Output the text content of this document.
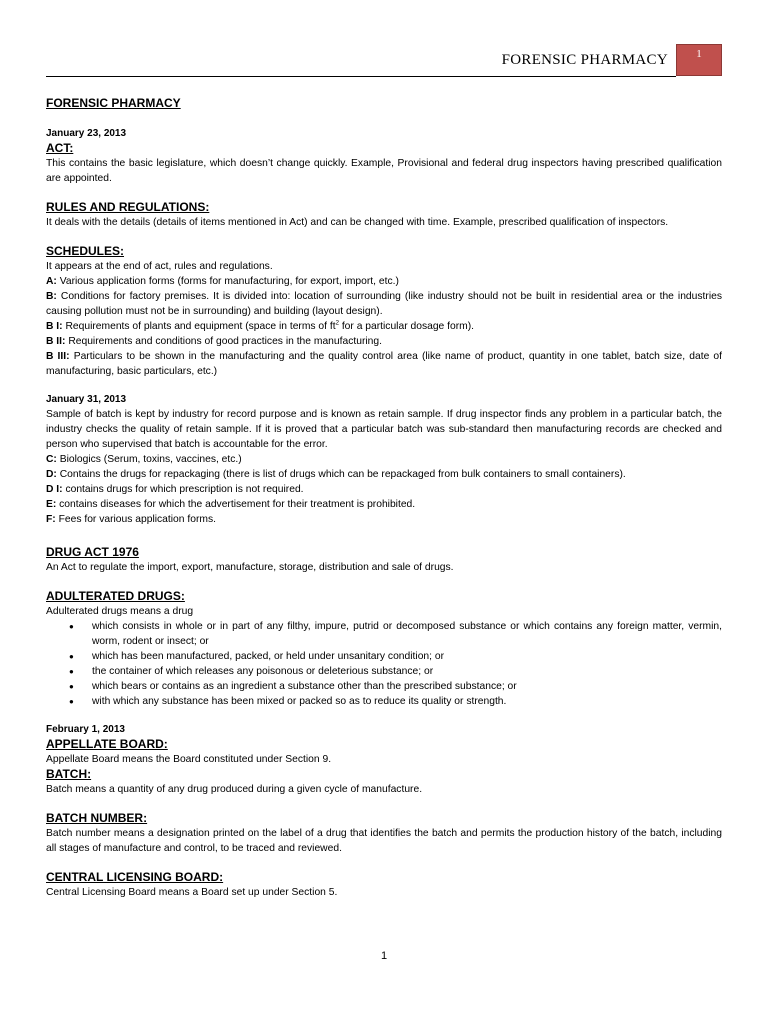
FORENSIC PHARMACY	1
FORENSIC PHARMACY
January 23, 2013
ACT:

This contains the basic legislature, which doesn’t change quickly. Example, Provisional and federal drug inspectors having prescribed qualification are appointed.

RULES AND REGULATIONS:

It deals with the details (details of items mentioned in Act) and can be changed with time. Example, prescribed qualification of inspectors.

SCHEDULES:

It appears at the end of act, rules and regulations.

A: Various application forms (forms for manufacturing, for export, import, etc.)

B: Conditions for factory premises. It is divided into: location of surrounding (like industry should not be built in residential area or the industries causing pollution must not be in surrounding) and building (layout design).

B I: Requirements of plants and equipment (space in terms of $ft^2$ for a particular dosage form).

B II: Requirements and conditions of good practices in the manufacturing.

B III: Particulars to be shown in the manufacturing and the quality control area (like name of product, quantity in one tablet, batch size, date of manufacturing, basic particulars, etc.)

January 31, 2013

Sample of batch is kept by industry for record purpose and is known as retain sample. If drug inspector finds any problem in a particular batch, the industry checks the quality of retain sample. If it is proved that a particular batch was sub-standard then manufacturing records are checked and person who supervised that batch is accountable for the error.

C: Biologics (Serum, toxins, vaccines, etc.)

D: Contains the drugs for repackaging (there is list of drugs which can be repackaged from bulk containers to small containers).

D I: contains drugs for which prescription is not required.

E: contains diseases for which the advertisement for their treatment is prohibited.

F: Fees for various application forms.

DRUG ACT 1976

An Act to regulate the import, export, manufacture, storage, distribution and sale of drugs.

ADULTERATED DRUGS:

Adulterated drugs means a drug

● which consists in whole or in part of any filthy, impure, putrid or decomposed substance or which contains any foreign matter, vermin, worm, rodent or insect; or
● which has been manufactured, packed, or held under unsanitary condition; or
● the container of which releases any poisonous or deleterious substance; or
● which bears or contains as an ingredient a substance other than the prescribed substance; or
● with which any substance has been mixed or packed so as to reduce its quality or strength.
February 1, 2013
APPELLATE BOARD:

Appellate Board means the Board constituted under Section 9.

BATCH:

Batch means a quantity of any drug produced during a given cycle of manufacture.

BATCH NUMBER:

Batch number means a designation printed on the label of a drug that identifies the batch and permits the production history of the batch, including all stages of manufacture and control, to be traced and reviewed.

CENTRAL LICENSING BOARD:

Central Licensing Board means a Board set up under Section 5.

1
